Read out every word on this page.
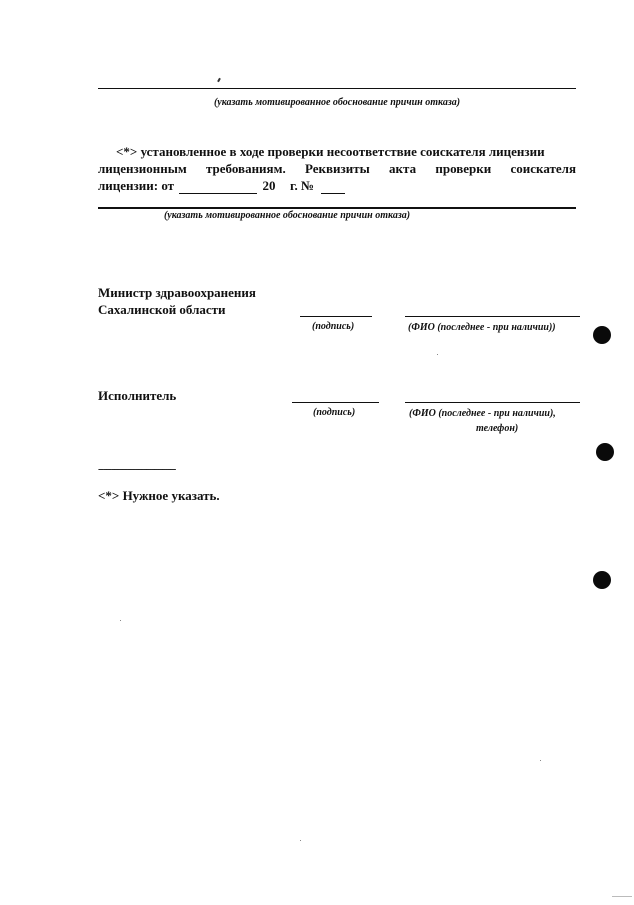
(указать мотивированное обоснование причин отказа)
<*> установленное в ходе проверки несоответствие соискателя лицензии
лицензионным требованиям. Реквизиты акта проверки соискателя
лицензии: от	20 г. №
(указать мотивированное обоснование причин отказа)
Министр здравоохранения
Сахалинской области
(подпись)	(ФИО (последнее - при наличии))
Исполнитель
(подпись)	(ФИО (последнее - при наличии),
телефон)
-----------------------------
<*> Нужное указать.
